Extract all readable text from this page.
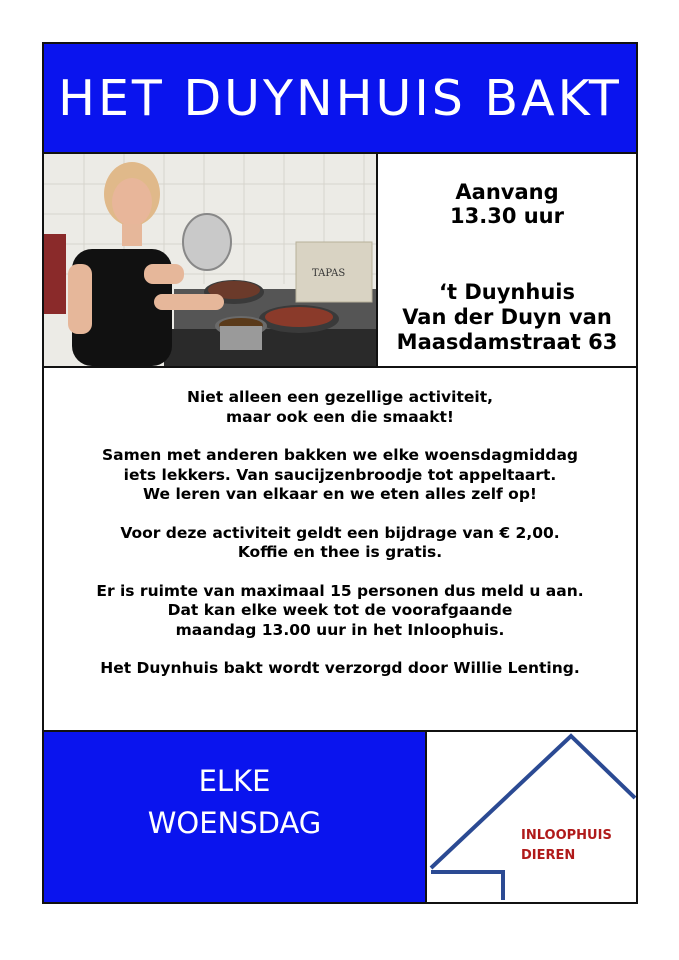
HET DUYNHUIS BAKT
TAPAS
Aanvang
13.30 uur
‘t Duynhuis
Van der Duyn van
Maasdamstraat 63

Niet alleen een gezellige activiteit,
maar ook een die smaakt!

Samen met anderen bakken we elke woensdagmiddag
iets lekkers. Van saucijzenbroodje tot appeltaart.
We leren van elkaar en we eten alles zelf op!

Voor deze activiteit geldt een bijdrage van € 2,00.
Koffie en thee is gratis.

Er is ruimte van maximaal 15 personen dus meld u aan.
Dat kan elke week tot de voorafgaande
maandag 13.00 uur in het Inloophuis.

Het Duynhuis bakt wordt verzorgd door Willie Lenting.

ELKE
WOENSDAG	INLOOPHUIS
DIEREN
